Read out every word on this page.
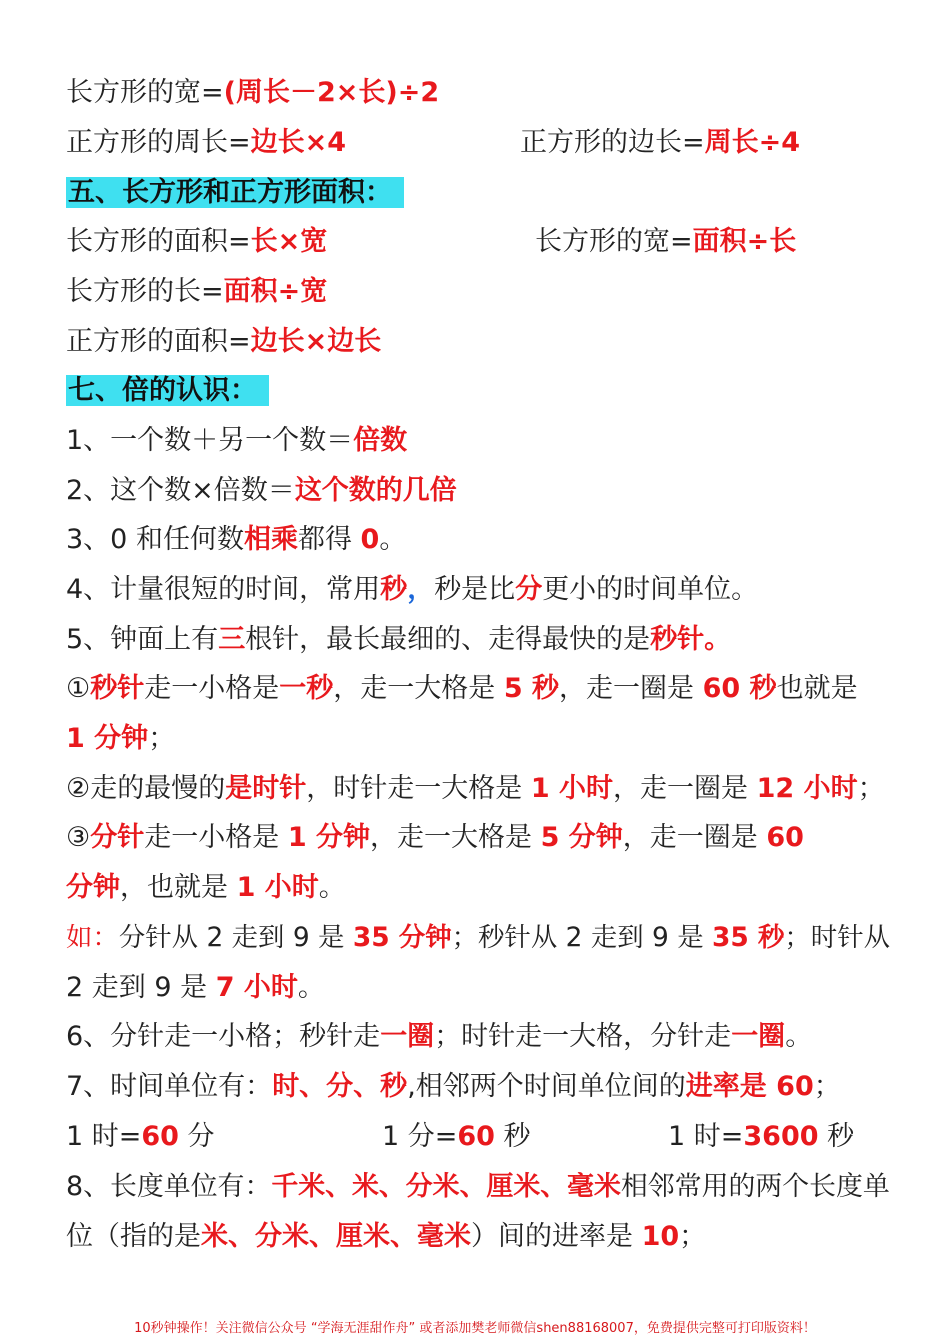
长方形的宽=(周长－2×长)÷2
正方形的周长=边长×4	正方形的边长=周长÷4
五、长方形和正方形面积：
长方形的面积=长×宽	长方形的宽=面积÷长
长方形的长=面积÷宽
正方形的面积=边长×边长
七、倍的认识：
1、一个数＋另一个数＝倍数
2、这个数×倍数＝这个数的几倍
3、0 和任何数相乘都得 0。
4、计量很短的时间，常用秒，秒是比分更小的时间单位。
5、钟面上有三根针，最长最细的、走得最快的是秒针。
①秒针走一小格是一秒，走一大格是 5 秒，走一圈是 60 秒也就是
1 分钟；
②走的最慢的是时针，时针走一大格是 1 小时，走一圈是 12 小时；
③分针走一小格是 1 分钟，走一大格是 5 分钟，走一圈是 60
分钟，也就是 1 小时。
如：分针从 2 走到 9 是 35 分钟；秒针从 2 走到 9 是 35 秒；时针从
2 走到 9 是 7 小时。
6、分针走一小格；秒针走一圈；时针走一大格，分针走一圈。
7、时间单位有：时、分、秒,相邻两个时间单位间的进率是 60；
1 时=60 分	1 分=60 秒	1 时=3600 秒
8、长度单位有：千米、米、分米、厘米、毫米相邻常用的两个长度单
位（指的是米、分米、厘米、毫米）间的进率是 10；
10秒钟操作！关注微信公众号 “学海无涯甜作舟” 或者添加樊老师微信shen88168007，免费提供完整可打印版资料！
